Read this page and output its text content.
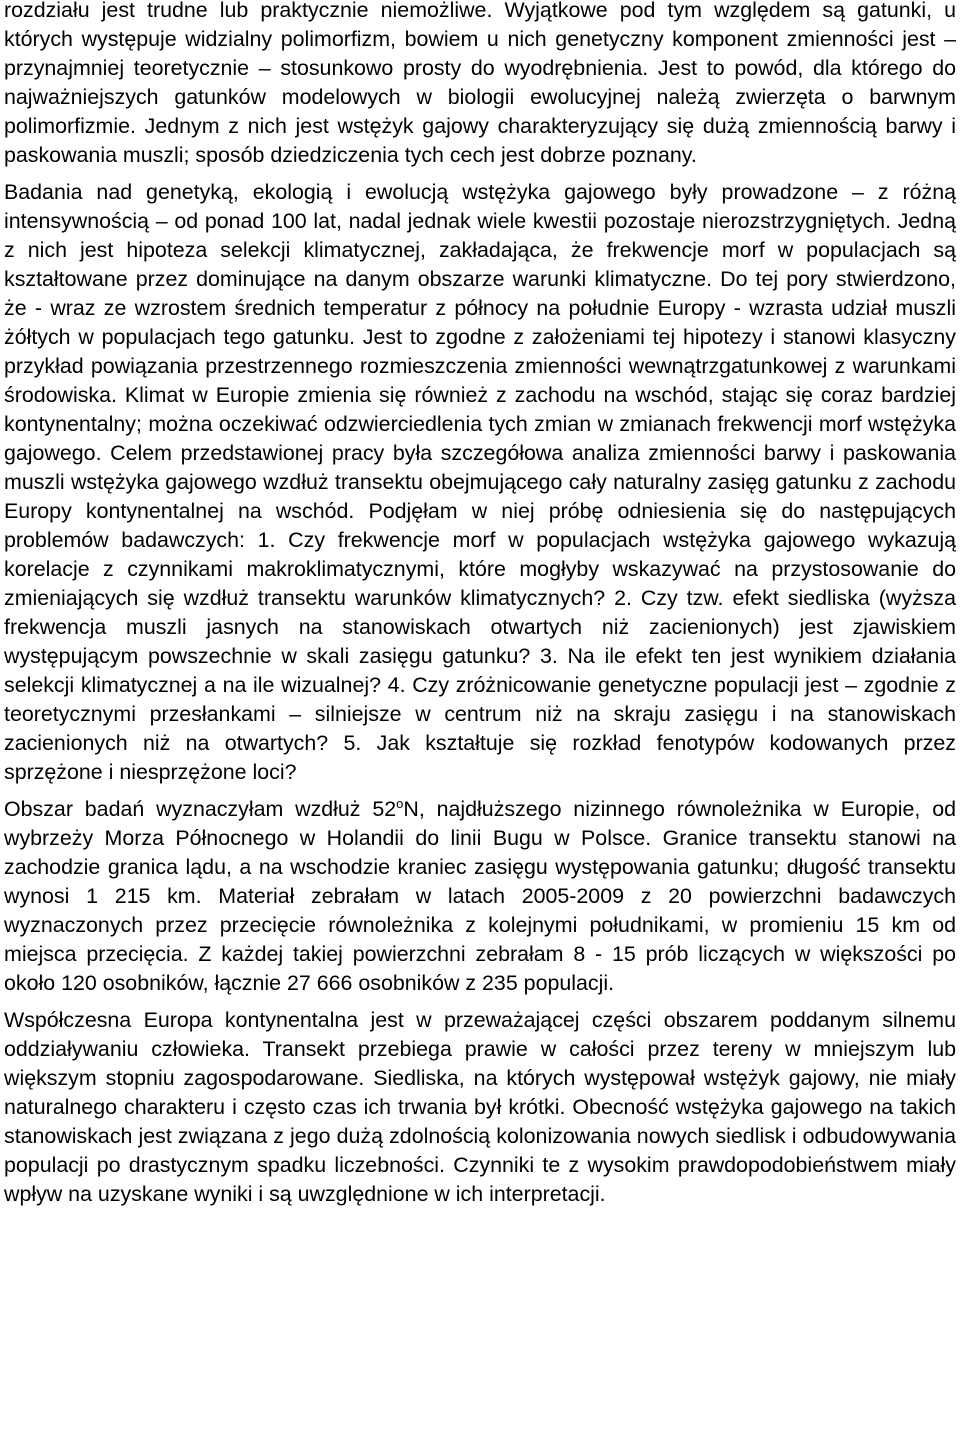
rozdziału jest trudne lub praktycznie niemożliwe. Wyjątkowe pod tym względem są gatunki, u których występuje widzialny polimorfizm, bowiem u nich genetyczny komponent zmienności jest – przynajmniej teoretycznie – stosunkowo prosty do wyodrębnienia. Jest to powód, dla którego do najważniejszych gatunków modelowych w biologii ewolucyjnej należą zwierzęta o barwnym polimorfizmie. Jednym z nich jest wstężyk gajowy charakteryzujący się dużą zmiennością barwy i paskowania muszli; sposób dziedziczenia tych cech jest dobrze poznany.

Badania nad genetyką, ekologią i ewolucją wstężyka gajowego były prowadzone – z różną intensywnością – od ponad 100 lat, nadal jednak wiele kwestii pozostaje nierozstrzygniętych. Jedną z nich jest hipoteza selekcji klimatycznej, zakładająca, że frekwencje morf w populacjach są kształtowane przez dominujące na danym obszarze warunki klimatyczne. Do tej pory stwierdzono, że - wraz ze wzrostem średnich temperatur z północy na południe Europy - wzrasta udział muszli żółtych w populacjach tego gatunku. Jest to zgodne z założeniami tej hipotezy i stanowi klasyczny przykład powiązania przestrzennego rozmieszczenia zmienności wewnątrzgatunkowej z warunkami środowiska. Klimat w Europie zmienia się również z zachodu na wschód, stając się coraz bardziej kontynentalny; można oczekiwać odzwierciedlenia tych zmian w zmianach frekwencji morf wstężyka gajowego. Celem przedstawionej pracy była szczegółowa analiza zmienności barwy i paskowania muszli wstężyka gajowego wzdłuż transektu obejmującego cały naturalny zasięg gatunku z zachodu Europy kontynentalnej na wschód. Podjęłam w niej próbę odniesienia się do następujących problemów badawczych: 1. Czy frekwencje morf w populacjach wstężyka gajowego wykazują korelacje z czynnikami makroklimatycznymi, które mogłyby wskazywać na przystosowanie do zmieniających się wzdłuż transektu warunków klimatycznych? 2. Czy tzw. efekt siedliska (wyższa frekwencja muszli jasnych na stanowiskach otwartych niż zacienionych) jest zjawiskiem występującym powszechnie w skali zasięgu gatunku? 3. Na ile efekt ten jest wynikiem działania selekcji klimatycznej a na ile wizualnej? 4. Czy zróżnicowanie genetyczne populacji jest – zgodnie z teoretycznymi przesłankami – silniejsze w centrum niż na skraju zasięgu i na stanowiskach zacienionych niż na otwartych? 5. Jak kształtuje się rozkład fenotypów kodowanych przez sprzężone i niesprzężone loci?

Obszar badań wyznaczyłam wzdłuż 52$^o$N, najdłuższego nizinnego równoleżnika w Europie, od wybrzeży Morza Północnego w Holandii do linii Bugu w Polsce. Granice transektu stanowi na zachodzie granica lądu, a na wschodzie kraniec zasięgu występowania gatunku; długość transektu wynosi 1 215 km. Materiał zebrałam w latach 2005-2009 z 20 powierzchni badawczych wyznaczonych przez przecięcie równoleżnika z kolejnymi południkami, w promieniu 15 km od miejsca przecięcia. Z każdej takiej powierzchni zebrałam 8 - 15 prób liczących w większości po około 120 osobników, łącznie 27 666 osobników z 235 populacji.

Współczesna Europa kontynentalna jest w przeważającej części obszarem poddanym silnemu oddziaływaniu człowieka. Transekt przebiega prawie w całości przez tereny w mniejszym lub większym stopniu zagospodarowane. Siedliska, na których występował wstężyk gajowy, nie miały naturalnego charakteru i często czas ich trwania był krótki. Obecność wstężyka gajowego na takich stanowiskach jest związana z jego dużą zdolnością kolonizowania nowych siedlisk i odbudowywania populacji po drastycznym spadku liczebności. Czynniki te z wysokim prawdopodobieństwem miały wpływ na uzyskane wyniki i są uwzględnione w ich interpretacji.
